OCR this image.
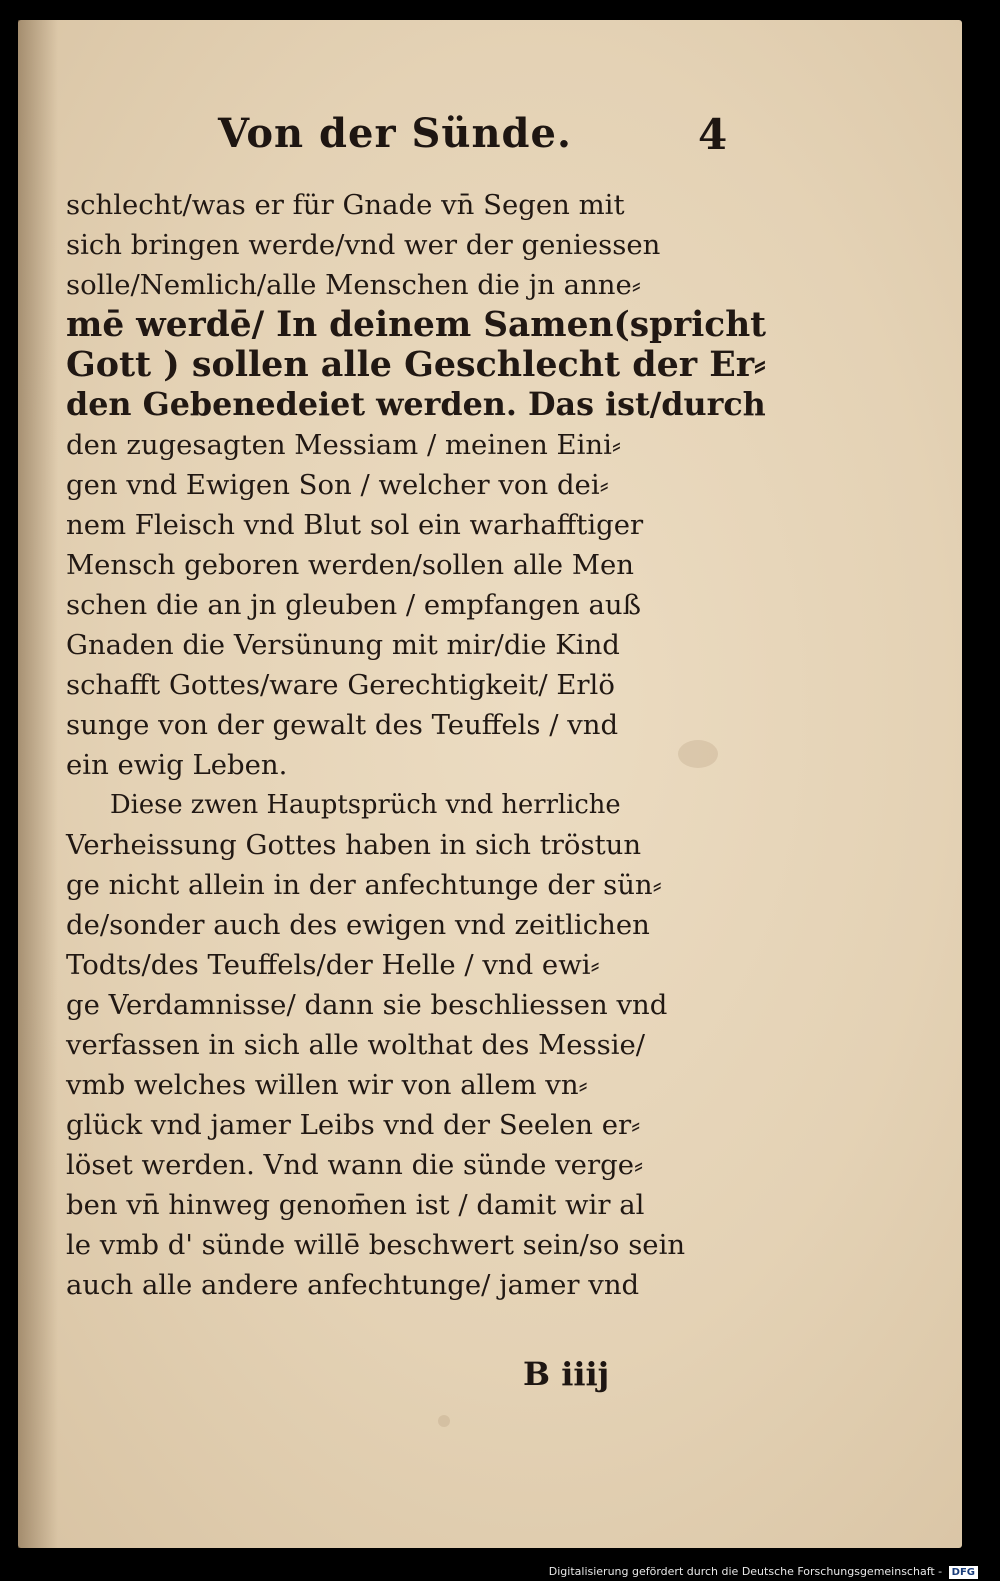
Von der Sünde.	4
schlecht/was er für Gnade vn̄ Segen mit
sich bringen werde/vnd wer der geniessen
solle/Nemlich/alle Menschen die jn anne⸗
mē werdē/ In deinem Samen(spricht
Gott ) sollen alle Geschlecht der Er⸗
den Gebenedeiet werden. Das ist/durch
den zugesagten Messiam / meinen Eini⸗
gen vnd Ewigen Son / welcher von dei⸗
nem Fleisch vnd Blut sol ein warhafftiger
Mensch geboren werden/sollen alle Men
schen die an jn gleuben / empfangen auß
Gnaden die Versünung mit mir/die Kind
schafft Gottes/ware Gerechtigkeit/ Erlö
sunge von der gewalt des Teuffels / vnd
ein ewig Leben.
Diese zwen Hauptsprüch vnd herrliche
Verheissung Gottes haben in sich tröstun
ge nicht allein in der anfechtunge der sün⸗
de/sonder auch des ewigen vnd zeitlichen
Todts/des Teuffels/der Helle / vnd ewi⸗
ge Verdamnisse/ dann sie beschliessen vnd
verfassen in sich alle wolthat des Messie/
vmb welches willen wir von allem vn⸗
glück vnd jamer Leibs vnd der Seelen er⸗
löset werden. Vnd wann die sünde verge⸗
ben vn̄ hinweg genom̄en ist / damit wir al
le vmb d' sünde willē beschwert sein/so sein
auch alle andere anfechtunge/ jamer vnd
B iiij
Digitalisierung gefördert durch die Deutsche Forschungsgemeinschaft - DFG
